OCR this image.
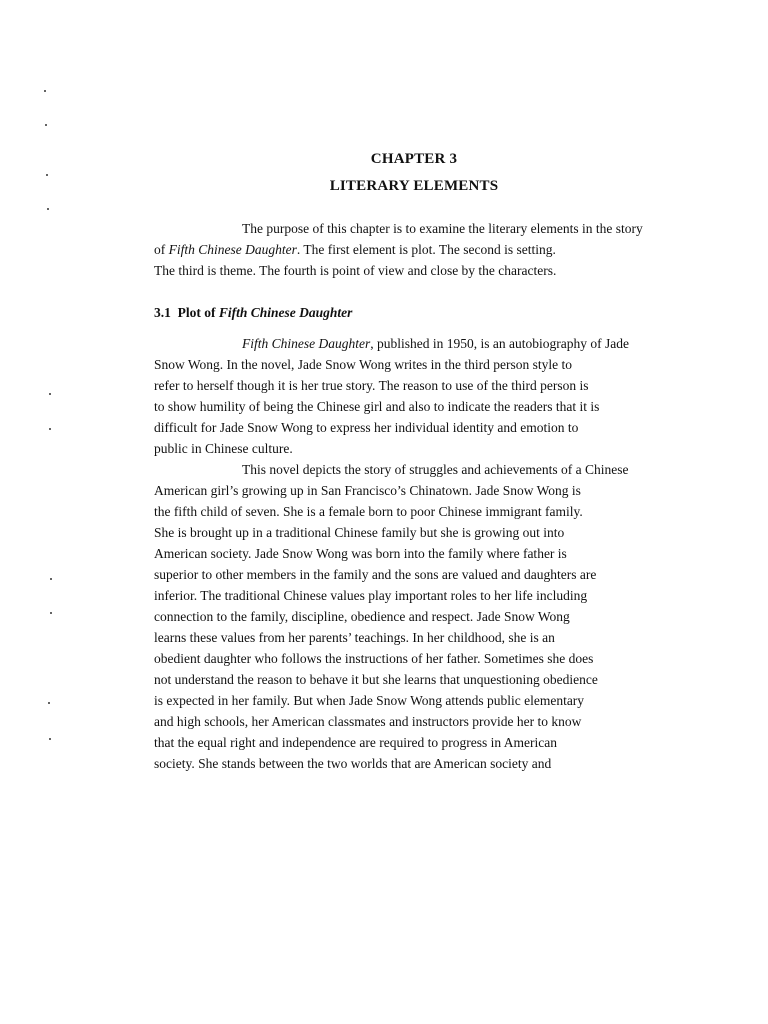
CHAPTER 3
LITERARY ELEMENTS
The purpose of this chapter is to examine the literary elements in the story
of Fifth Chinese Daughter. The first element is plot. The second is setting.
The third is theme. The fourth is point of view and close by the characters.
3.1 Plot of Fifth Chinese Daughter
Fifth Chinese Daughter, published in 1950, is an autobiography of Jade
Snow Wong. In the novel, Jade Snow Wong writes in the third person style to
refer to herself though it is her true story. The reason to use of the third person is
to show humility of being the Chinese girl and also to indicate the readers that it is
difficult for Jade Snow Wong to express her individual identity and emotion to
public in Chinese culture.
This novel depicts the story of struggles and achievements of a Chinese
American girl’s growing up in San Francisco’s Chinatown. Jade Snow Wong is
the fifth child of seven. She is a female born to poor Chinese immigrant family.
She is brought up in a traditional Chinese family but she is growing out into
American society. Jade Snow Wong was born into the family where father is
superior to other members in the family and the sons are valued and daughters are
inferior. The traditional Chinese values play important roles to her life including
connection to the family, discipline, obedience and respect. Jade Snow Wong
learns these values from her parents’ teachings. In her childhood, she is an
obedient daughter who follows the instructions of her father. Sometimes she does
not understand the reason to behave it but she learns that unquestioning obedience
is expected in her family. But when Jade Snow Wong attends public elementary
and high schools, her American classmates and instructors provide her to know
that the equal right and independence are required to progress in American
society. She stands between the two worlds that are American society and
